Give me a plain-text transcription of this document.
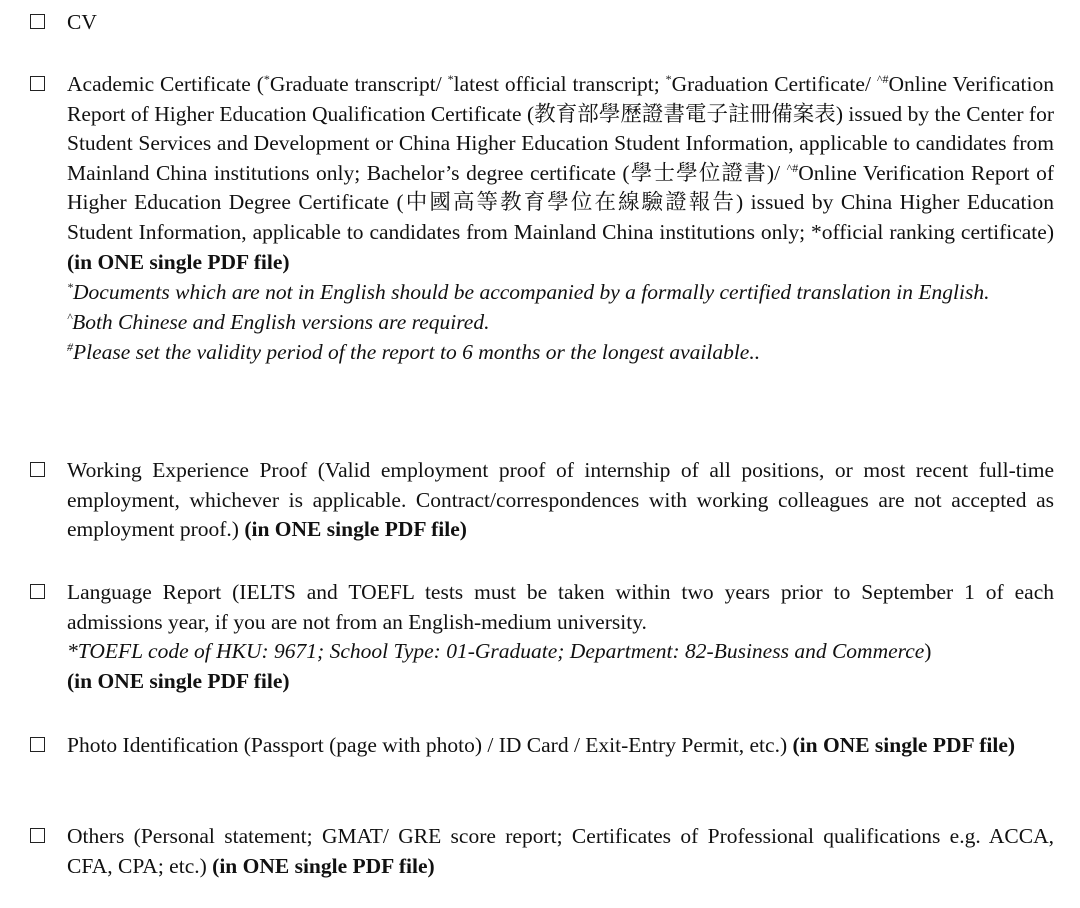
CV
Academic Certificate (*Graduate transcript/ *latest official transcript; *Graduation Certificate/ ^#Online Verification Report of Higher Education Qualification Certificate (教育部學歷證書電子註冊備案表) issued by the Center for Student Services and Development or China Higher Education Student Information, applicable to candidates from Mainland China institutions only; Bachelor’s degree certificate (學士學位證書)/ ^#Online Verification Report of Higher Education Degree Certificate (中國高等教育學位在線驗證報告) issued by China Higher Education Student Information, applicable to candidates from Mainland China institutions only; *official ranking certificate) (in ONE single PDF file)
*Documents which are not in English should be accompanied by a formally certified translation in English.
^Both Chinese and English versions are required.
#Please set the validity period of the report to 6 months or the longest available..
Working Experience Proof (Valid employment proof of internship of all positions, or most recent full-time employment, whichever is applicable. Contract/correspondences with working colleagues are not accepted as employment proof.) (in ONE single PDF file)
Language Report (IELTS and TOEFL tests must be taken within two years prior to September 1 of each admissions year, if you are not from an English-medium university.
*TOEFL code of HKU: 9671; School Type: 01-Graduate; Department: 82-Business and Commerce)
(in ONE single PDF file)
Photo Identification (Passport (page with photo) / ID Card / Exit-Entry Permit, etc.) (in ONE single PDF file)
Others (Personal statement; GMAT/ GRE score report; Certificates of Professional qualifications e.g. ACCA, CFA, CPA; etc.) (in ONE single PDF file)
